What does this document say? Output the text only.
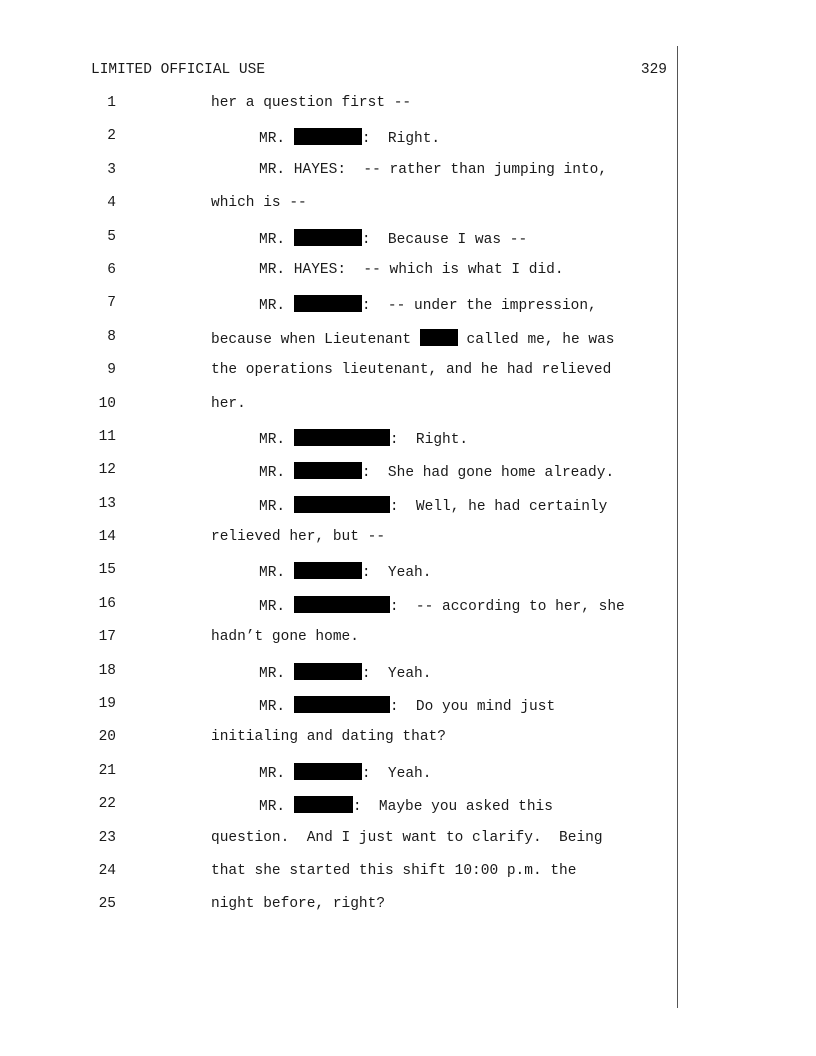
LIMITED OFFICIAL USE	329
1	her a question first --
2	MR.	:  Right.
3	MR. HAYES:  -- rather than jumping into,
4	which is --
5	MR.	:  Because I was --
6	MR. HAYES:  -- which is what I did.
7	MR.	:  -- under the impression,
8	because when Lieutenant	called me, he was
9	the operations lieutenant, and he had relieved
10	her.
11	MR.	:  Right.
12	MR.	:  She had gone home already.
13	MR.	:  Well, he had certainly
14	relieved her, but --
15	MR.	:  Yeah.
16	MR.	:  -- according to her, she
17	hadn’t gone home.
18	MR.	:  Yeah.
19	MR.	:  Do you mind just
20	initialing and dating that?
21	MR.	:  Yeah.
22	MR.	:  Maybe you asked this
23	question.  And I just want to clarify.  Being
24	that she started this shift 10:00 p.m. the
25	night before, right?
